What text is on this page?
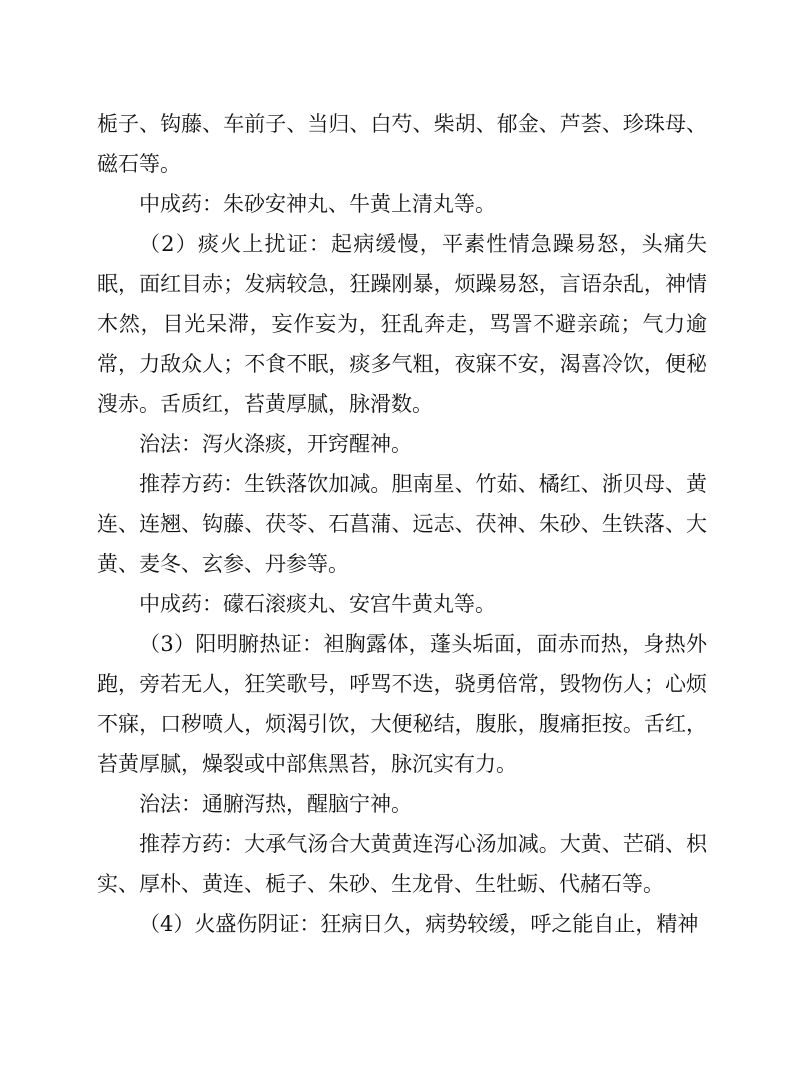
栀子、钩藤、车前子、当归、白芍、柴胡、郁金、芦荟、珍珠母、磁石等。

中成药：朱砂安神丸、牛黄上清丸等。

（2）痰火上扰证：起病缓慢，平素性情急躁易怒，头痛失眠，面红目赤；发病较急，狂躁刚暴，烦躁易怒，言语杂乱，神情木然，目光呆滞，妄作妄为，狂乱奔走，骂詈不避亲疏；气力逾常，力敌众人；不食不眠，痰多气粗，夜寐不安，渴喜冷饮，便秘溲赤。舌质红，苔黄厚腻，脉滑数。

治法：泻火涤痰，开窍醒神。

推荐方药：生铁落饮加减。胆南星、竹茹、橘红、浙贝母、黄连、连翘、钩藤、茯苓、石菖蒲、远志、茯神、朱砂、生铁落、大黄、麦冬、玄参、丹参等。

中成药：礞石滚痰丸、安宫牛黄丸等。

（3）阳明腑热证：袒胸露体，蓬头垢面，面赤而热，身热外跑，旁若无人，狂笑歌号，呼骂不迭，骁勇倍常，毁物伤人；心烦不寐，口秽喷人，烦渴引饮，大便秘结，腹胀，腹痛拒按。舌红，苔黄厚腻，燥裂或中部焦黑苔，脉沉实有力。

治法：通腑泻热，醒脑宁神。

推荐方药：大承气汤合大黄黄连泻心汤加减。大黄、芒硝、枳实、厚朴、黄连、栀子、朱砂、生龙骨、生牡蛎、代赭石等。

（4）火盛伤阴证：狂病日久，病势较缓，呼之能自止，精神
